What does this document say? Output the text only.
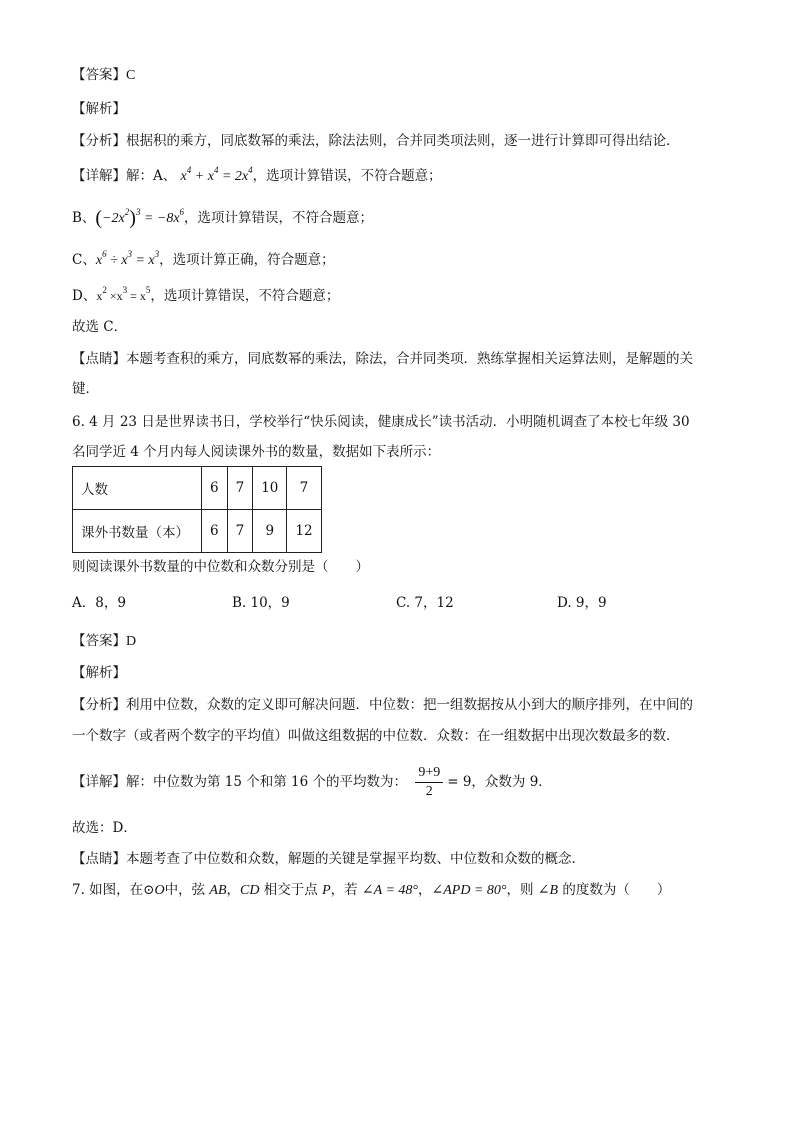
【答案】C
【解析】
【分析】根据积的乘方，同底数幂的乘法，除法法则，合并同类项法则，逐一进行计算即可得出结论．
【详解】解：A、 $x^4 + x^4 = 2x^4$，选项计算错误，不符合题意；
B、$(-2x^2)^3 = -8x^6$，选项计算错误，不符合题意；
C、$x^6 \div x^3 = x^3$，选项计算正确，符合题意；
D、$x^2 \times x^3 = x^5$，选项计算错误，不符合题意；
故选 C．
【点睛】本题考查积的乘方，同底数幂的乘法，除法，合并同类项．熟练掌握相关运算法则，是解题的关
键．
6. 4 月 23 日是世界读书日，学校举行“快乐阅读，健康成长”读书活动．小明随机调查了本校七年级 30
名同学近 4 个月内每人阅读课外书的数量，数据如下表所示：
人数	6	7	10	7
课外书数量（本）	6	7	9	12
则阅读课外书数量的中位数和众数分别是（　　）
A．8，9	B. 10，9	C. 7，12	D. 9，9
【答案】D
【解析】
【分析】利用中位数，众数的定义即可解决问题．中位数：把一组数据按从小到大的顺序排列，在中间的
一个数字（或者两个数字的平均值）叫做这组数据的中位数．众数：在一组数据中出现次数最多的数．
【详解】解：中位数为第 15 个和第 16 个的平均数为： $\frac{9+9}{2} = 9$，众数为 9．
故选：D．
【点睛】本题考查了中位数和众数，解题的关键是掌握平均数、中位数和众数的概念．
7. 如图，在⊙O中，弦 AB，CD 相交于点 P，若 ∠A = 48°，∠APD = 80°，则 ∠B 的度数为（　　）
